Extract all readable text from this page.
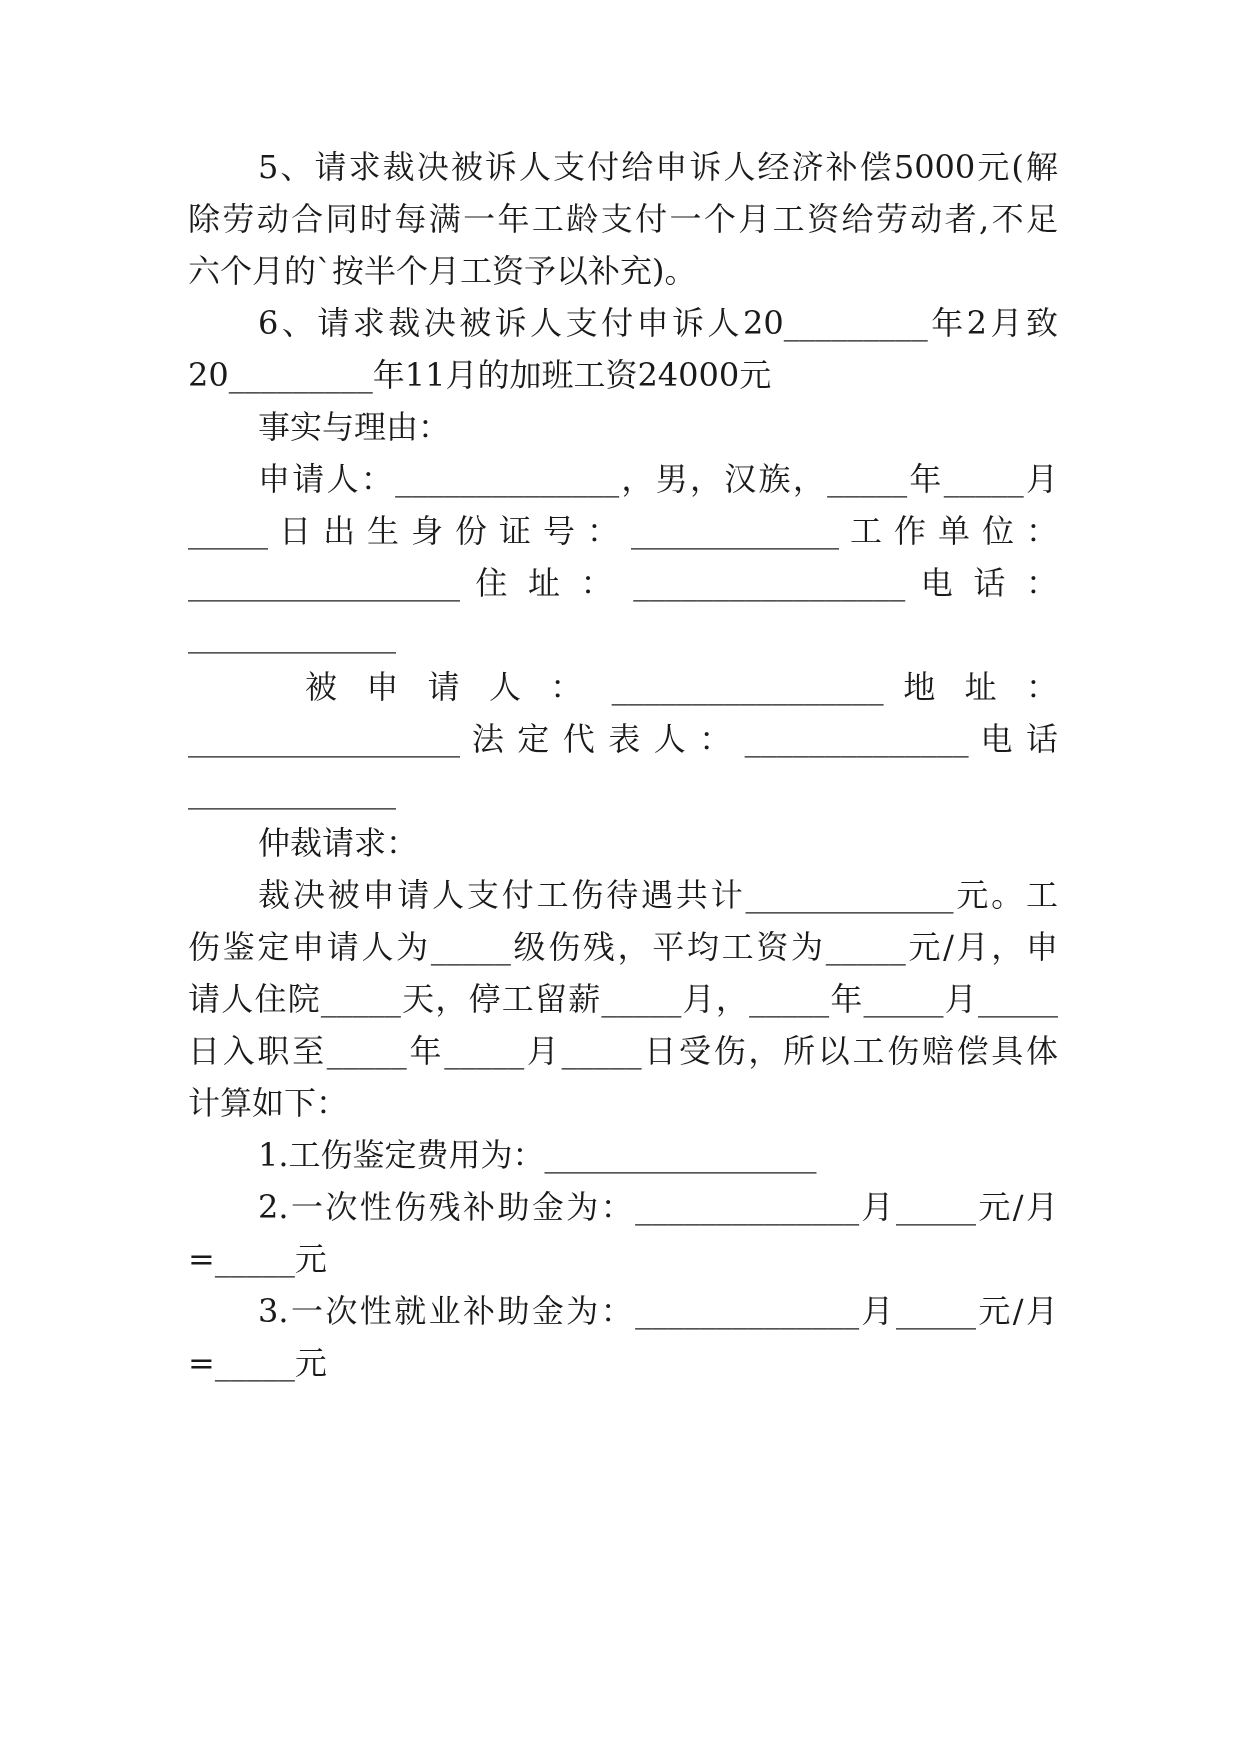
5、请求裁决被诉人支付给申诉人经济补偿5000元(解
除劳动合同时每满一年工龄支付一个月工资给劳动者,不足
六个月的`按半个月工资予以补充)。
6、请求裁决被诉人支付申诉人20_________年2月致
20_________年11月的加班工资24000元
事实与理由：
申请人：______________，男，汉族，_____年_____月
_____ 日 出 生 身 份 证 号 ： _____________ 工 作 单 位 ：
_________________ 住 址 ： _________________ 电 话 ：
_____________
被 申 请 人 ： _________________ 地 址 ：
_________________ 法 定 代 表 人 ： ______________ 电 话
_____________
仲裁请求：
裁决被申请人支付工伤待遇共计_____________元。工
伤鉴定申请人为_____级伤残，平均工资为_____元/月，申
请人住院_____天，停工留薪_____月，_____年_____月_____
日入职至_____年_____月_____日受伤，所以工伤赔偿具体
计算如下：
1.工伤鉴定费用为：_________________
2.一次性伤残补助金为：______________月_____元/月
=_____元
3.一次性就业补助金为：______________月_____元/月
=_____元
